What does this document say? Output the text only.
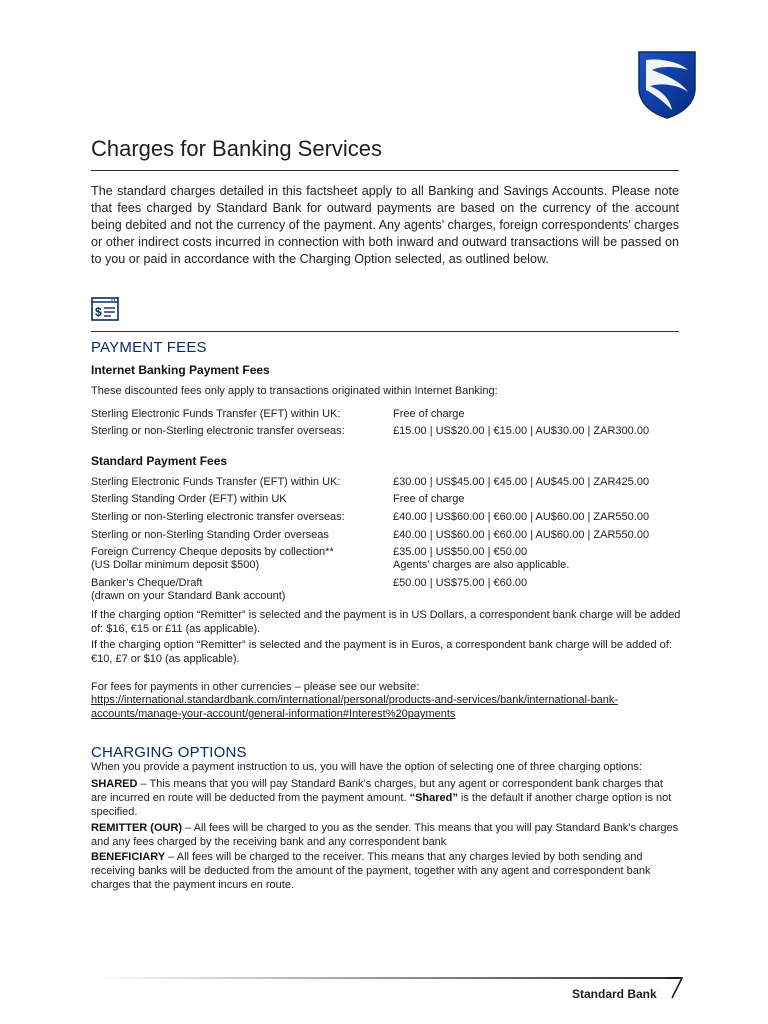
Charges for Banking Services
The standard charges detailed in this factsheet apply to all Banking and Savings Accounts. Please note that fees charged by Standard Bank for outward payments are based on the currency of the account being debited and not the currency of the payment. Any agents’ charges, foreign correspondents’ charges or other indirect costs incurred in connection with both inward and outward transactions will be passed on to you or paid in accordance with the Charging Option selected, as outlined below.
$
PAYMENT FEES
Internet Banking Payment Fees
These discounted fees only apply to transactions originated within Internet Banking:
Sterling Electronic Funds Transfer (EFT) within UK:	Free of charge
Sterling or non-Sterling electronic transfer overseas:	£15.00 | US$20.00 | €15.00 | AU$30.00 | ZAR300.00
Standard Payment Fees
Sterling Electronic Funds Transfer (EFT) within UK:	£30.00 | US$45.00 | €45.00 | AU$45.00 | ZAR425.00
Sterling Standing Order (EFT) within UK	Free of charge
Sterling or non-Sterling electronic transfer overseas:	£40.00 | US$60.00 | €60.00 | AU$60.00 | ZAR550.00
Sterling or non-Sterling Standing Order overseas	£40.00 | US$60.00 | €60.00 | AU$60.00 | ZAR550.00
Foreign Currency Cheque deposits by collection**	£35.00 | US$50.00 | €50.00
(US Dollar minimum deposit $500)	Agents’ charges are also applicable.
Banker’s Cheque/Draft	£50.00 | US$75.00 | €60.00
(drawn on your Standard Bank account)
If the charging option “Remitter” is selected and the payment is in US Dollars, a correspondent bank charge will be added of: $16, €15 or £11 (as applicable).
If the charging option “Remitter” is selected and the payment is in Euros, a correspondent bank charge will be added of: €10, £7 or $10 (as applicable).
For fees for payments in other currencies – please see our website:
https://international.standardbank.com/international/personal/products-and-services/bank/international-bank-
accounts/manage-your-account/general-information#Interest%20payments
CHARGING OPTIONS
When you provide a payment instruction to us, you will have the option of selecting one of three charging options:
SHARED – This means that you will pay Standard Bank’s charges, but any agent or correspondent bank charges that are incurred en route will be deducted from the payment amount. “Shared” is the default if another charge option is not specified.
REMITTER (OUR) – All fees will be charged to you as the sender. This means that you will pay Standard Bank’s charges and any fees charged by the receiving bank and any correspondent bank
BENEFICIARY – All fees will be charged to the receiver. This means that any charges levied by both sending and receiving banks will be deducted from the amount of the payment, together with any agent and correspondent bank charges that the payment incurs en route.
Standard Bank
